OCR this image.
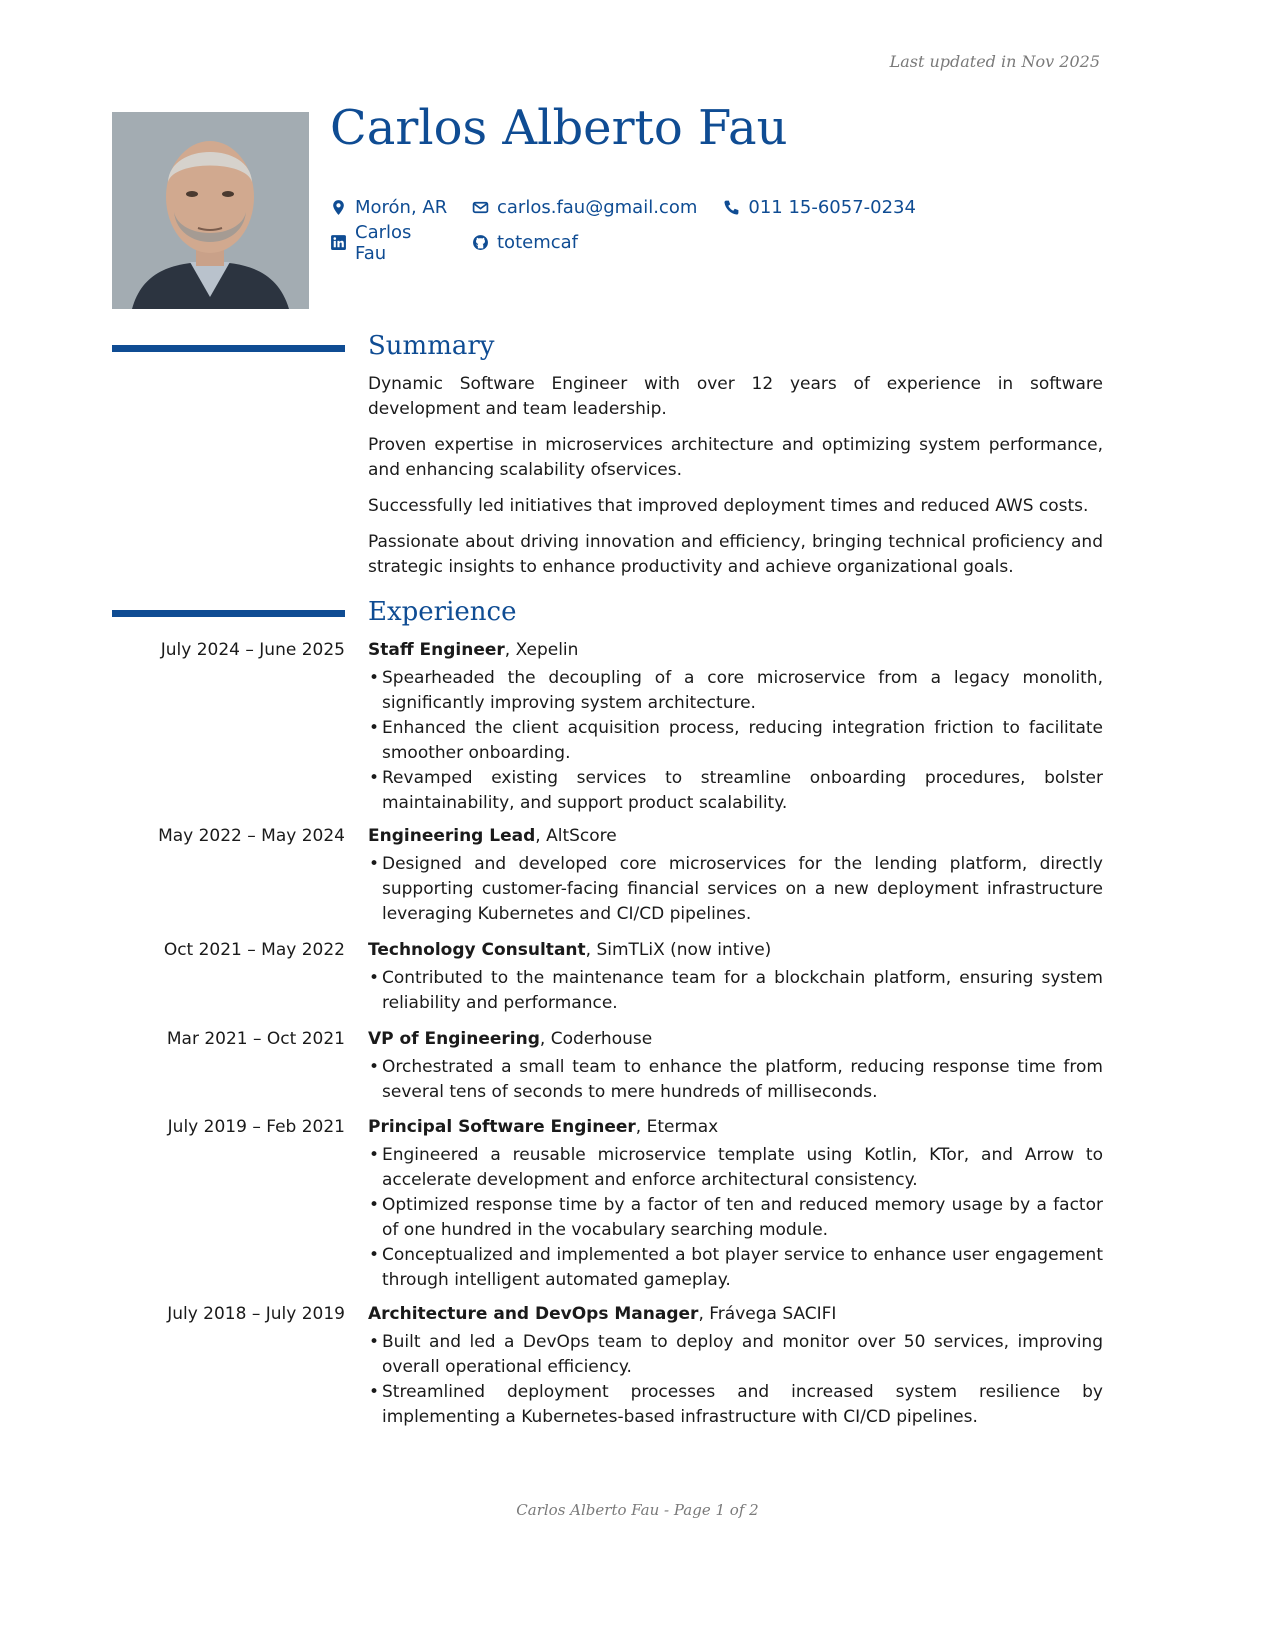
Last updated in Nov 2025
Carlos Alberto Fau
Morón, AR	carlos.fau@gmail.com	011 15-6057-0234
Carlos Fau	totemcaf
Summary

Dynamic Software Engineer with over 12 years of experience in software development and team leadership.

Proven expertise in microservices architecture and optimizing system performance, and enhancing scalability ofservices.

Successfully led initiatives that improved deployment times and reduced AWS costs.

Passionate about driving innovation and efficiency, bringing technical proficiency and strategic insights to enhance productivity and achieve organizational goals.

Experience
July 2024 – June 2025 Staff Engineer, Xepelin
• Spearheaded the decoupling of a core microservice from a legacy monolith, significantly improving system architecture.
• Enhanced the client acquisition process, reducing integration friction to facilitate smoother onboarding.
• Revamped existing services to streamline onboarding procedures, bolster maintainability, and support product scalability.
May 2022 – May 2024 Engineering Lead, AltScore
• Designed and developed core microservices for the lending platform, directly supporting customer-facing financial services on a new deployment infrastructure leveraging Kubernetes and CI/CD pipelines.
Oct 2021 – May 2022 Technology Consultant, SimTLiX (now intive)
• Contributed to the maintenance team for a blockchain platform, ensuring system reliability and performance.
Mar 2021 – Oct 2021 VP of Engineering, Coderhouse
• Orchestrated a small team to enhance the platform, reducing response time from several tens of seconds to mere hundreds of milliseconds.
July 2019 – Feb 2021 Principal Software Engineer, Etermax
• Engineered a reusable microservice template using Kotlin, KTor, and Arrow to accelerate development and enforce architectural consistency.
• Optimized response time by a factor of ten and reduced memory usage by a factor of one hundred in the vocabulary searching module.
• Conceptualized and implemented a bot player service to enhance user engagement through intelligent automated gameplay.
July 2018 – July 2019 Architecture and DevOps Manager, Frávega SACIFI
• Built and led a DevOps team to deploy and monitor over 50 services, improving overall operational efficiency.
• Streamlined deployment processes and increased system resilience by implementing a Kubernetes-based infrastructure with CI/CD pipelines.
Carlos Alberto Fau - Page 1 of 2
